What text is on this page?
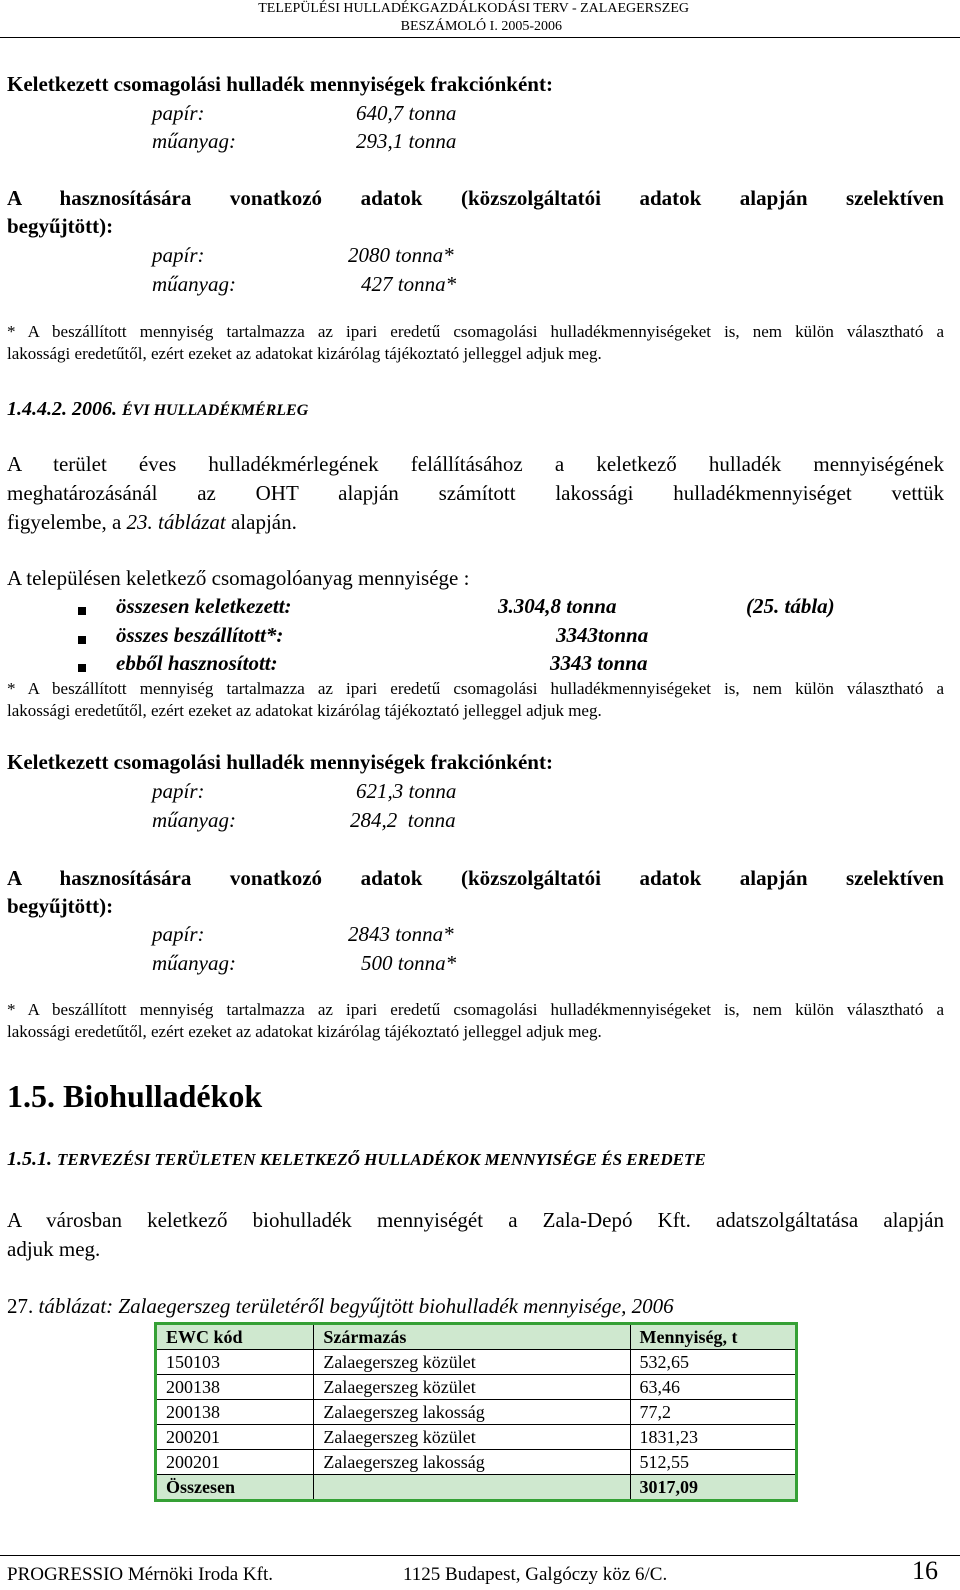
TELEPÜLÉSI HULLADÉKGAZDÁLKODÁSI TERV - ZALAEGERSZEG
BESZÁMOLÓ I. 2005-2006
Keletkezett csomagolási hulladék mennyiségek frakciónként:
papír:	640,7 tonna
műanyag:	293,1 tonna
A hasznosítására vonatkozó adatok (közszolgáltatói adatok alapján szelektíven
begyűjtött):
papír:	2080 tonna*
műanyag:	427 tonna*
* A beszállított mennyiség tartalmazza az ipari eredetű csomagolási hulladékmennyiségeket is, nem külön választható a
lakossági eredetűtől, ezért ezeket az adatokat kizárólag tájékoztató jelleggel adjuk meg.
1.4.4.2. 2006. ÉVI HULLADÉKMÉRLEG
A terület éves hulladékmérlegének felállításához a keletkező hulladék mennyiségének
meghatározásánál az OHT alapján számított lakossági hulladékmennyiséget vettük
figyelembe, a 23. táblázat alapján.
A településen keletkező csomagolóanyag mennyisége :
összesen keletkezett:	3.304,8 tonna	(25. tábla)
összes beszállított*:	3343tonna
ebből hasznosított:	3343 tonna
* A beszállított mennyiség tartalmazza az ipari eredetű csomagolási hulladékmennyiségeket is, nem külön választható a
lakossági eredetűtől, ezért ezeket az adatokat kizárólag tájékoztató jelleggel adjuk meg.
Keletkezett csomagolási hulladék mennyiségek frakciónként:
papír:	621,3 tonna
műanyag:	284,2  tonna
A hasznosítására vonatkozó adatok (közszolgáltatói adatok alapján szelektíven
begyűjtött):
papír:	2843 tonna*
műanyag:	500 tonna*
* A beszállított mennyiség tartalmazza az ipari eredetű csomagolási hulladékmennyiségeket is, nem külön választható a
lakossági eredetűtől, ezért ezeket az adatokat kizárólag tájékoztató jelleggel adjuk meg.
1.5. Biohulladékok
1.5.1. TERVEZÉSI TERÜLETEN KELETKEZŐ HULLADÉKOK MENNYISÉGE ÉS EREDETE
A városban keletkező biohulladék mennyiségét a Zala-Depó Kft. adatszolgáltatása alapján
adjuk meg.
27. táblázat: Zalaegerszeg területéről begyűjtött biohulladék mennyisége, 2006
EWC kód	Származás	Mennyiség, t
150103	Zalaegerszeg közület	532,65
200138	Zalaegerszeg közület	63,46
200138	Zalaegerszeg lakosság	77,2
200201	Zalaegerszeg közület	1831,23
200201	Zalaegerszeg lakosság	512,55
Összesen		3017,09
PROGRESSIO Mérnöki Iroda Kft.	1125 Budapest, Galgóczy köz 6/C.	16
